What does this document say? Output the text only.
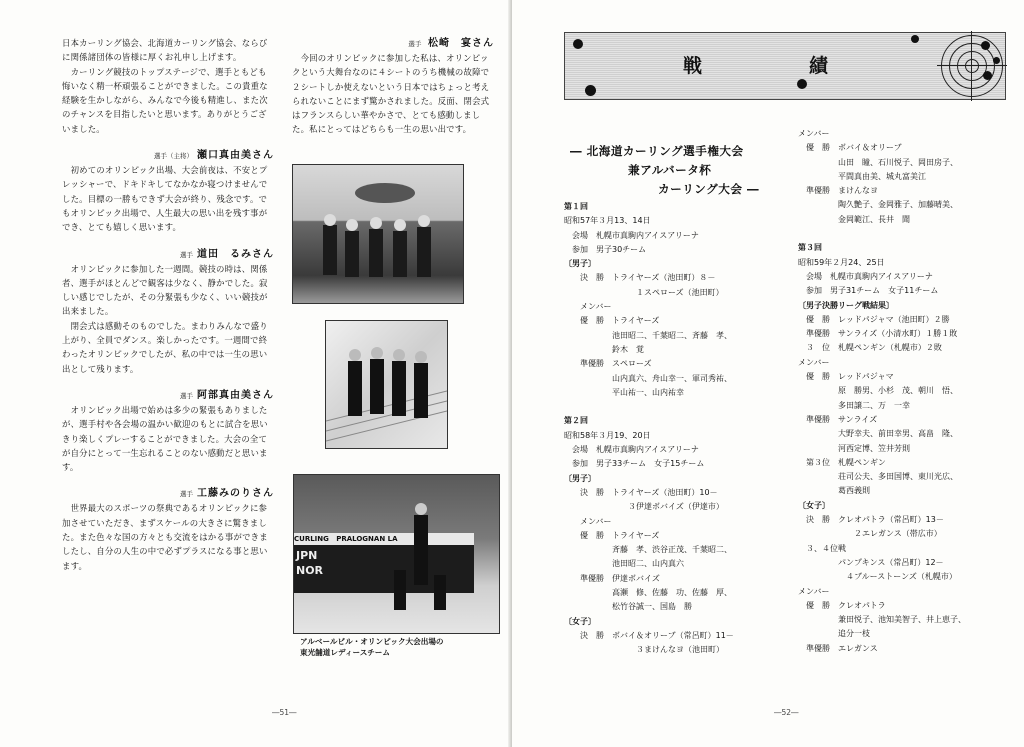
日本カーリング協会、北海道カーリング協会、ならびに関係諸団体の皆様に厚くお礼申し上げます。
　カーリング競技のトップステージで、選手ともども悔いなく精一杯頑張ることができました。この貴重な経験を生かしながら、みんなで今後も精進し、また次のチャンスを目指したいと思います。ありがとうございました。

選手（主将） 瀬口真由美さん

　初めてのオリンピック出場、大会前夜は、不安とプレッシャーで、ドキドキしてなかなか寝つけませんでした。目標の一勝もできず大会が終り、残念です。でもオリンピック出場で、人生最大の思い出を残す事ができ、とても嬉しく思います。

選手 道田　るみさん

　オリンピックに参加した一週間。競技の時は、関係者、選手がほとんどで観客は少なく、静かでした。寂しい感じでしたが、その分緊張も少なく、いい競技が出来ました。
　閉会式は感動そのものでした。まわりみんなで盛り上がり、全員でダンス。楽しかったです。一週間で終わったオリンピックでしたが、私の中では一生の思い出として残ります。

選手 阿部真由美さん

　オリンピック出場で始めは多少の緊張もありましたが、選手村や各会場の温かい歓迎のもとに試合を思いきり楽しくプレーすることができました。大会の全てが自分にとって一生忘れることのない感動だと思います。

選手 工藤みのりさん

　世界最大のスポーツの祭典であるオリンピックに参加させていただき、まずスケールの大きさに驚きました。また色々な国の方々とも交流をはかる事ができましたし、自分の人生の中で必ずプラスになる事と思います。

選手 松崎　宴さん

　今回のオリンピックに参加した私は、オリンピックという大舞台なのに４シートのうち機械の故障で２シートしか使えないという日本ではちょっと考えられないことにまず驚かされました。反面、閉会式はフランスらしい華やかさで、とても感動しました。私にとってはどちらも一生の思い出です。

CURLING PRALOGNAN LA
JPN
NOR
アルベールビル・オリンピック大会出場の
東光舗道レディースチーム
―51―
戦	績
― 北海道カーリング選手権大会
兼アルバータ杯
カーリング大会 ―
第１回
昭和57年３月13、14日
　会場　札幌市真駒内アイスアリーナ
　参加　男子30チーム
〔男子〕
　　決　勝　トライヤーズ（池田町）８－
　　　　　　　　　１スペローズ（池田町）
　　メンバー
　　優　勝　トライヤーズ
　　　　　　池田昭二、千葉昭二、斉藤　孝、
　　　　　　鈴木　覚
　　準優勝　スペローズ
　　　　　　山内真六、舟山幸一、軍司秀祐、
　　　　　　平山祐一、山内祐幸

第２回
昭和58年３月19、20日
　会場　札幌市真駒内アイスアリーナ
　参加　男子33チーム　女子15チーム
〔男子〕
　　決　勝　トライヤーズ（池田町）10－
　　　　　　　　３伊達ボバイズ（伊達市）
　　メンバー
　　優　勝　トライヤーズ
　　　　　　斉藤　孝、渋谷正茂、千葉昭二、
　　　　　　池田昭二、山内真六
　　準優勝　伊達ボバイズ
　　　　　　高瀬　修、佐藤　功、佐藤　厚、
　　　　　　松竹谷誠一、国島　勝
〔女子〕
　　決　勝　ボバイ＆オリーブ（常呂町）11－
　　　　　　　　　３まけんなヨ（池田町）
メンバー
　優　勝　ボバイ＆オリーブ
　　　　　山田　瞳、石川悦子、岡田房子、
　　　　　平間真由美、城丸富美江
　準優勝　まけんなヨ
　　　　　陶久艶子、金岡雅子、加藤晴美、
　　　　　金岡範江、長井　聞

第３回
昭和59年２月24、25日
　会場　札幌市真駒内アイスアリーナ
　参加　男子31チーム　女子11チーム
〔男子決勝リーグ戦結果〕
　優　勝　レッドパジャマ（池田町）２勝
　準優勝　サンライズ（小清水町）１勝１敗
　３　位　札幌ペンギン（札幌市）２敗
メンバー
　優　勝　レッドパジャマ
　　　　　原　勝男、小杉　茂、朝川　悟、
　　　　　多田譲二、万　一幸
　準優勝　サンライズ
　　　　　大野幸夫、前田幸男、高畠　隆、
　　　　　河西定博、笠井芳則
　第３位　札幌ペンギン
　　　　　荘司公夫、多田国博、東川光広、
　　　　　葛西義則
〔女子〕
　決　勝　クレオパトラ（常呂町）13－
　　　　　　　２エレガンス（帯広市）
　３、４位戦
　　　　　パンプキンス（常呂町）12－
　　　　　　４ブルーストーンズ（札幌市）
メンバー
　優　勝　クレオパトラ
　　　　　兼田悦子、池知美智子、井上恵子、
　　　　　追分一枝
　準優勝　エレガンス
―52―
